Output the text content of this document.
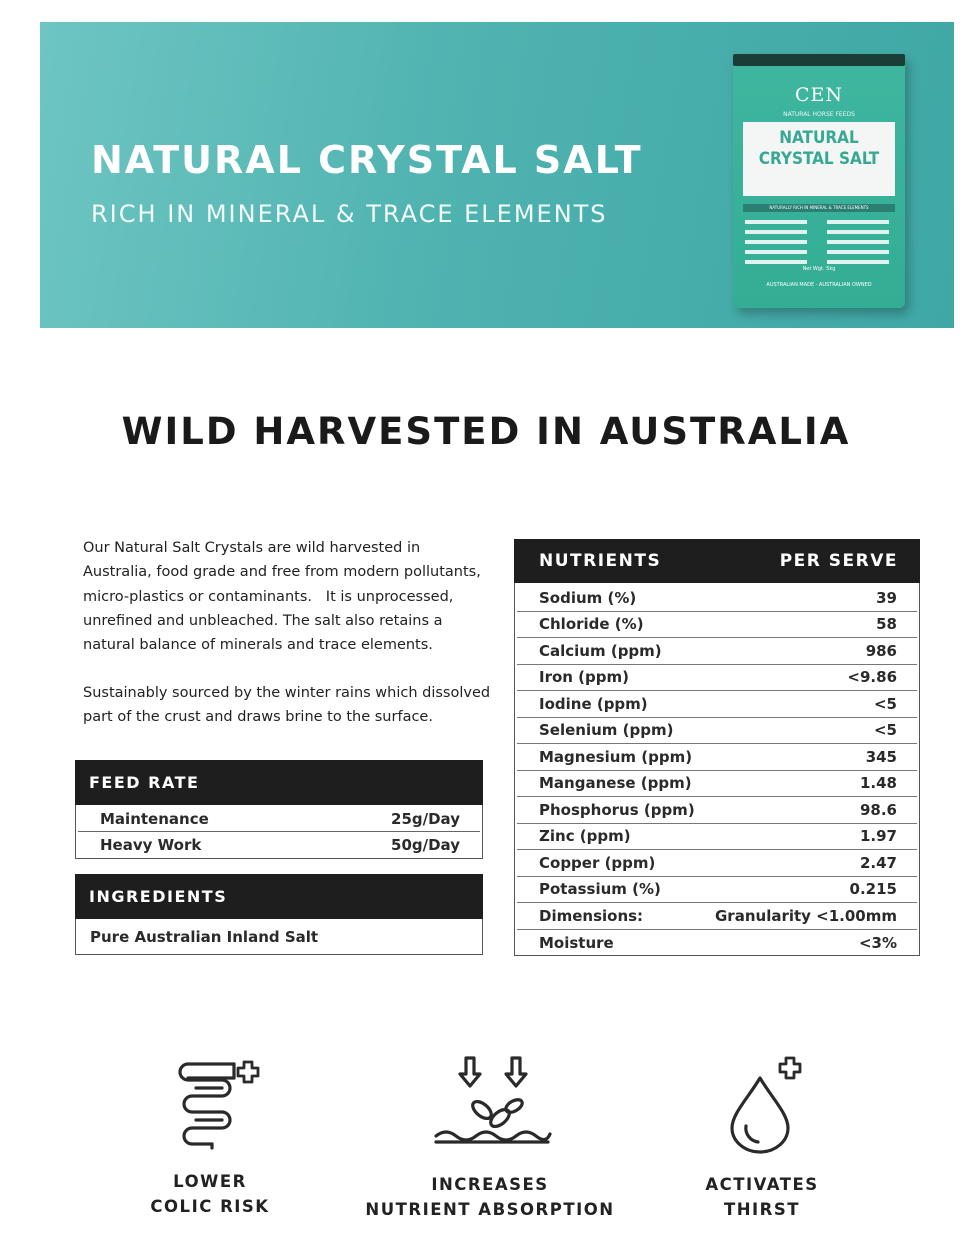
NATURAL CRYSTAL SALT
RICH IN MINERAL & TRACE ELEMENTS
CEN
NATURAL HORSE FEEDS
NATURAL
CRYSTAL SALT
NATURALLY RICH IN MINERAL & TRACE ELEMENTS
Net Wgt. 5kg
AUSTRALIAN MADE · AUSTRALIAN OWNED
WILD HARVESTED IN AUSTRALIA
Our Natural Salt Crystals are wild harvested in
Australia, food grade and free from modern pollutants,
micro-plastics or contaminants.   It is unprocessed,
unrefined and unbleached. The salt also retains a
natural balance of minerals and trace elements.
Sustainably sourced by the winter rains which dissolved
part of the crust and draws brine to the surface.
FEED RATE
Maintenance	25g/Day
Heavy Work	50g/Day
INGREDIENTS
Pure Australian Inland Salt
NUTRIENTS	PER SERVE
Sodium (%)	39
Chloride (%)	58
Calcium (ppm)	986
Iron (ppm)	<9.86
Iodine (ppm)	<5
Selenium (ppm)	<5
Magnesium (ppm)	345
Manganese (ppm)	1.48
Phosphorus (ppm)	98.6
Zinc (ppm)	1.97
Copper (ppm)	2.47
Potassium (%)	0.215
Dimensions:	Granularity <1.00mm
Moisture	<3%
LOWER
COLIC RISK
INCREASES
NUTRIENT ABSORPTION
ACTIVATES
THIRST
